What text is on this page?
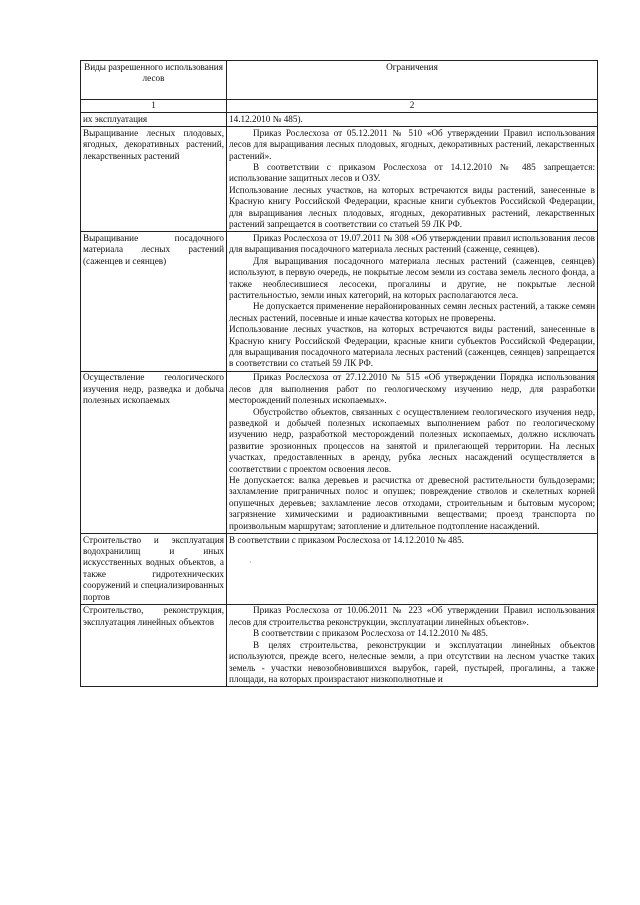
Виды разрешенного использования лесов	Ограничения
1	2
их эксплуатация	14.12.2010 № 485).

Выращивание лесных плодовых, ягодных, декоративных растений, лекарственных растений	Приказ Рослесхоза от 05.12.2011 № 510 «Об утверждении Правил использования лесов для выращивания лесных плодовых, ягодных, декоративных растений, лекарственных растений».

В соответствии с приказом Рослесхоза от 14.12.2010 № 485 запрещается: использование защитных лесов и ОЗУ.

Использование лесных участков, на которых встречаются виды растений, занесенные в Красную книгу Российской Федерации, красные книги субъектов Российской Федерации, для выращивания лесных плодовых, ягодных, декоративных растений, лекарственных растений запрещается в соответствии со статьей 59 ЛК РФ.

Выращивание посадочного материала лесных растений (саженцев и сеянцев)	Приказ Рослесхоза от 19.07.2011 № 308 «Об утверждении правил использования лесов для выращивания посадочного материала лесных растений (саженце, сеянцев).

Для выращивания посадочного материала лесных растений (саженцев, сеянцев) используют, в первую очередь, не покрытые лесом земли из состава земель лесного фонда, а также необлесившиеся лесосеки, прогалины и другие, не покрытые лесной растительностью, земли иных категорий, на которых располагаются леса.

Не допускается применение нерайонированных семян лесных растений, а также семян лесных растений, посевные и иные качества которых не проверены.

Использование лесных участков, на которых встречаются виды растений, занесенные в Красную книгу Российской Федерации, красные книги субъектов Российской Федерации, для выращивания посадочного материала лесных растений (саженцев, сеянцев) запрещается в соответствии со статьей 59 ЛК РФ.

Осуществление геологического изучения недр, разведка и добыча полезных ископаемых	Приказ Рослесхоза от 27.12.2010 № 515 «Об утверждении Порядка использования лесов для выполнения работ по геологическому изучению недр, для разработки месторождений полезных ископаемых».

Обустройство объектов, связанных с осуществлением геологического изучения недр, разведкой и добычей полезных ископаемых выполнением работ по геологическому изучению недр, разработкой месторождений полезных ископаемых, должно исключать развитие эрозионных процессов на занятой и прилегающей территории. На лесных участках, предоставленных в аренду, рубка лесных насаждений осуществляется в соответствии с проектом освоения лесов.

Не допускается: валка деревьев и расчистка от древесной растительности бульдозерами; захламление приграничных полос и опушек; повреждение стволов и скелетных корней опушечных деревьев; захламление лесов отходами, строительным и бытовым мусором; загрязнение химическими и радиоактивными веществами; проезд транспорта по произвольным маршрутам; затопление и длительное подтопление насаждений.

Строительство и эксплуатация водохранилищ и иных искусственных водных объектов, а также гидротехнических сооружений и специализированных портов	В соответствии с приказом Рослесхоза от 14.12.2010 № 485.

·

Строительство, реконструкция, эксплуатация линейных объектов	Приказ Рослесхоза от 10.06.2011 № 223 «Об утверждении Правил использования лесов для строительства реконструкции, эксплуатации линейных объектов».

В соответствии с приказом Рослесхоза от 14.12.2010 № 485.

В целях строительства, реконструкции и эксплуатации линейных объектов используются, прежде всего, нелесные земли, а при отсутствии на лесном участке таких земель - участки невозобновившихся вырубок, гарей, пустырей, прогалины, а также площади, на которых произрастают низкополнотные и
